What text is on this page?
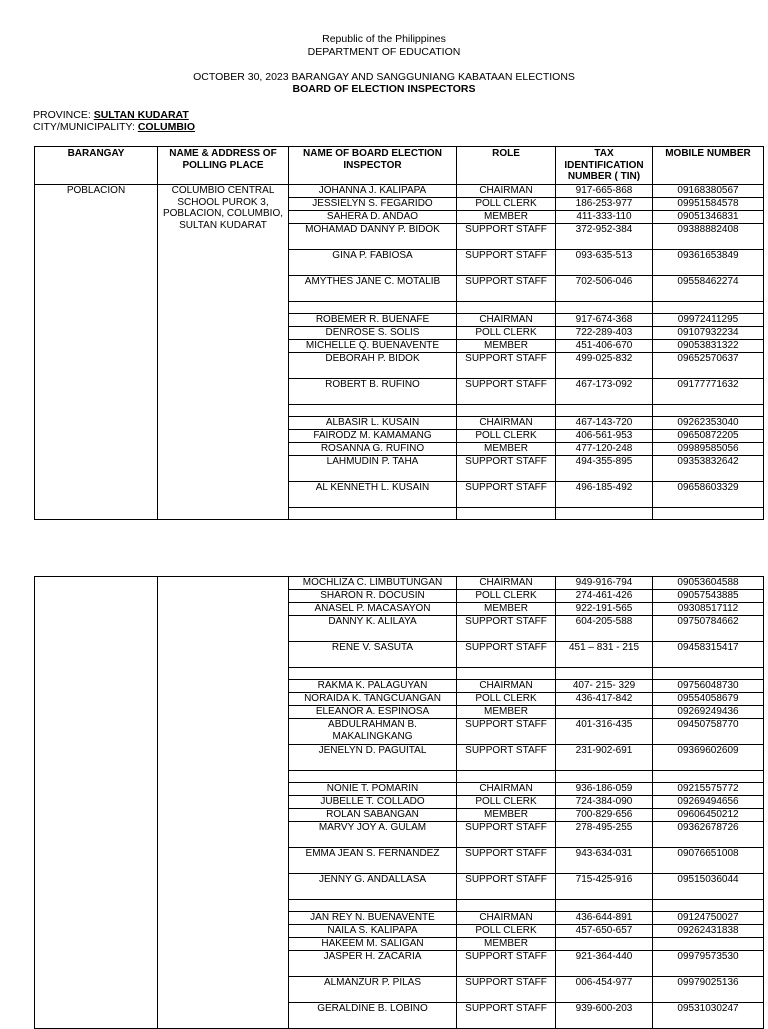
Republic of the Philippines
DEPARTMENT OF EDUCATION
OCTOBER 30, 2023 BARANGAY AND SANGGUNIANG KABATAAN ELECTIONS
BOARD OF ELECTION INSPECTORS
PROVINCE: SULTAN KUDARAT
CITY/MUNICIPALITY: COLUMBIO
BARANGAY	NAME & ADDRESS OF POLLING PLACE	NAME OF BOARD ELECTION INSPECTOR	ROLE	TAX IDENTIFICATION NUMBER ( TIN)	MOBILE NUMBER
POBLACION	COLUMBIO CENTRAL SCHOOL PUROK 3, POBLACION, COLUMBIO, SULTAN KUDARAT	JOHANNA J. KALIPAPA	CHAIRMAN	917-665-868	09168380567
		JESSIELYN S. FEGARIDO	POLL CLERK	186-253-977	09951584578
		SAHERA D. ANDAO	MEMBER	411-333-110	09051346831
		MOHAMAD DANNY P. BIDOK	SUPPORT STAFF	372-952-384	09388882408
		GINA P. FABIOSA	SUPPORT STAFF	093-635-513	09361653849
		AMYTHES JANE C. MOTALIB	SUPPORT STAFF	702-506-046	09558462274

		ROBEMER R. BUENAFE	CHAIRMAN	917-674-368	09972411295
		DENROSE S. SOLIS	POLL CLERK	722-289-403	09107932234
		MICHELLE Q. BUENAVENTE	MEMBER	451-406-670	09053831322
		DEBORAH P. BIDOK	SUPPORT STAFF	499-025-832	09652570637
		ROBERT B. RUFINO	SUPPORT STAFF	467-173-092	09177771632

		ALBASIR L. KUSAIN	CHAIRMAN	467-143-720	09262353040
		FAIRODZ M. KAMAMANG	POLL CLERK	406-561-953	09650872205
		ROSANNA G. RUFINO	MEMBER	477-120-248	09989585056
		LAHMUDIN P. TAHA	SUPPORT STAFF	494-355-895	09353832642
		AL KENNETH L. KUSAIN	SUPPORT STAFF	496-185-492	09658603329

		MOCHLIZA C. LIMBUTUNGAN	CHAIRMAN	949-916-794	09053604588
		SHARON R. DOCUSIN	POLL CLERK	274-461-426	09057543885
		ANASEL P. MACASAYON	MEMBER	922-191-565	09308517112
		DANNY K. ALILAYA	SUPPORT STAFF	604-205-588	09750784662
		RENE V. SASUTA	SUPPORT STAFF	451 – 831 - 215	09458315417

		RAKMA K. PALAGUYAN	CHAIRMAN	407- 215- 329	09756048730
		NORAIDA K. TANGCUANGAN	POLL CLERK	436-417-842	09554058679
		ELEANOR A. ESPINOSA	MEMBER		09269249436
		ABDULRAHMAN B. MAKALINGKANG	SUPPORT STAFF	401-316-435	09450758770
		JENELYN D. PAGUITAL	SUPPORT STAFF	231-902-691	09369602609

		NONIE T. POMARIN	CHAIRMAN	936-186-059	09215575772
		JUBELLE T. COLLADO	POLL CLERK	724-384-090	09269494656
		ROLAN SABANGAN	MEMBER	700-829-656	09606450212
		MARVY JOY A. GULAM	SUPPORT STAFF	278-495-255	09362678726
		EMMA JEAN S. FERNANDEZ	SUPPORT STAFF	943-634-031	09076651008
		JENNY G. ANDALLASA	SUPPORT STAFF	715-425-916	09515036044

		JAN REY N. BUENAVENTE	CHAIRMAN	436-644-891	09124750027
		NAILA S. KALIPAPA	POLL CLERK	457-650-657	09262431838
		HAKEEM M. SALIGAN	MEMBER		
		JASPER H. ZACARIA	SUPPORT STAFF	921-364-440	09979573530
		ALMANZUR P. PILAS	SUPPORT STAFF	006-454-977	09979025136
		GERALDINE B. LOBINO	SUPPORT STAFF	939-600-203	09531030247
